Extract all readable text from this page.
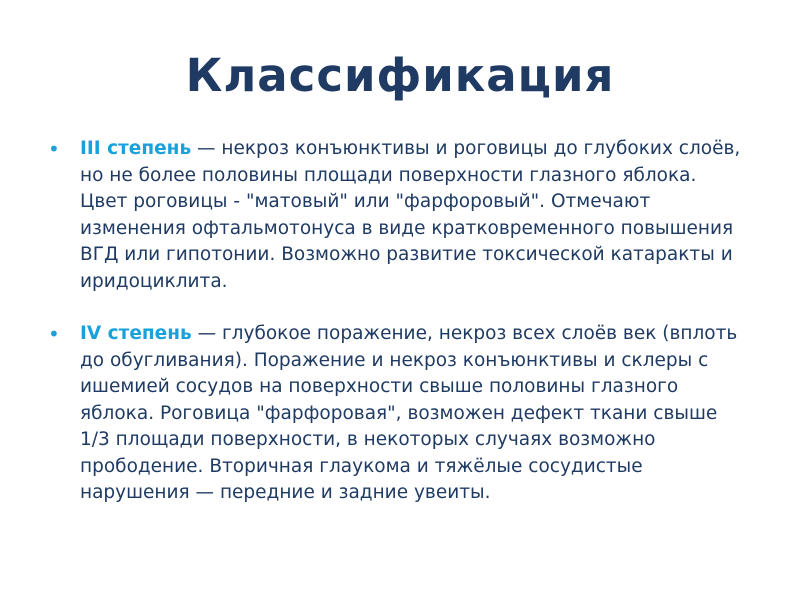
Классификация
• III степень — некроз конъюнктивы и роговицы до глубоких слоёв, но не более половины площади поверхности глазного яблока. Цвет роговицы - "матовый" или "фарфоровый". Отмечают изменения офтальмотонуса в виде кратковременного повышения ВГД или гипотонии. Возможно развитие токсической катаракты и иридоциклита.
• IV степень — глубокое поражение, некроз всех слоёв век (вплоть до обугливания). Поражение и некроз конъюнктивы и склеры с ишемией сосудов на поверхности свыше половины глазного яблока. Роговица "фарфоровая", возможен дефект ткани свыше 1/3 площади поверхности, в некоторых случаях возможно прободение. Вторичная глаукома и тяжёлые сосудистые нарушения — передние и задние увеиты.
